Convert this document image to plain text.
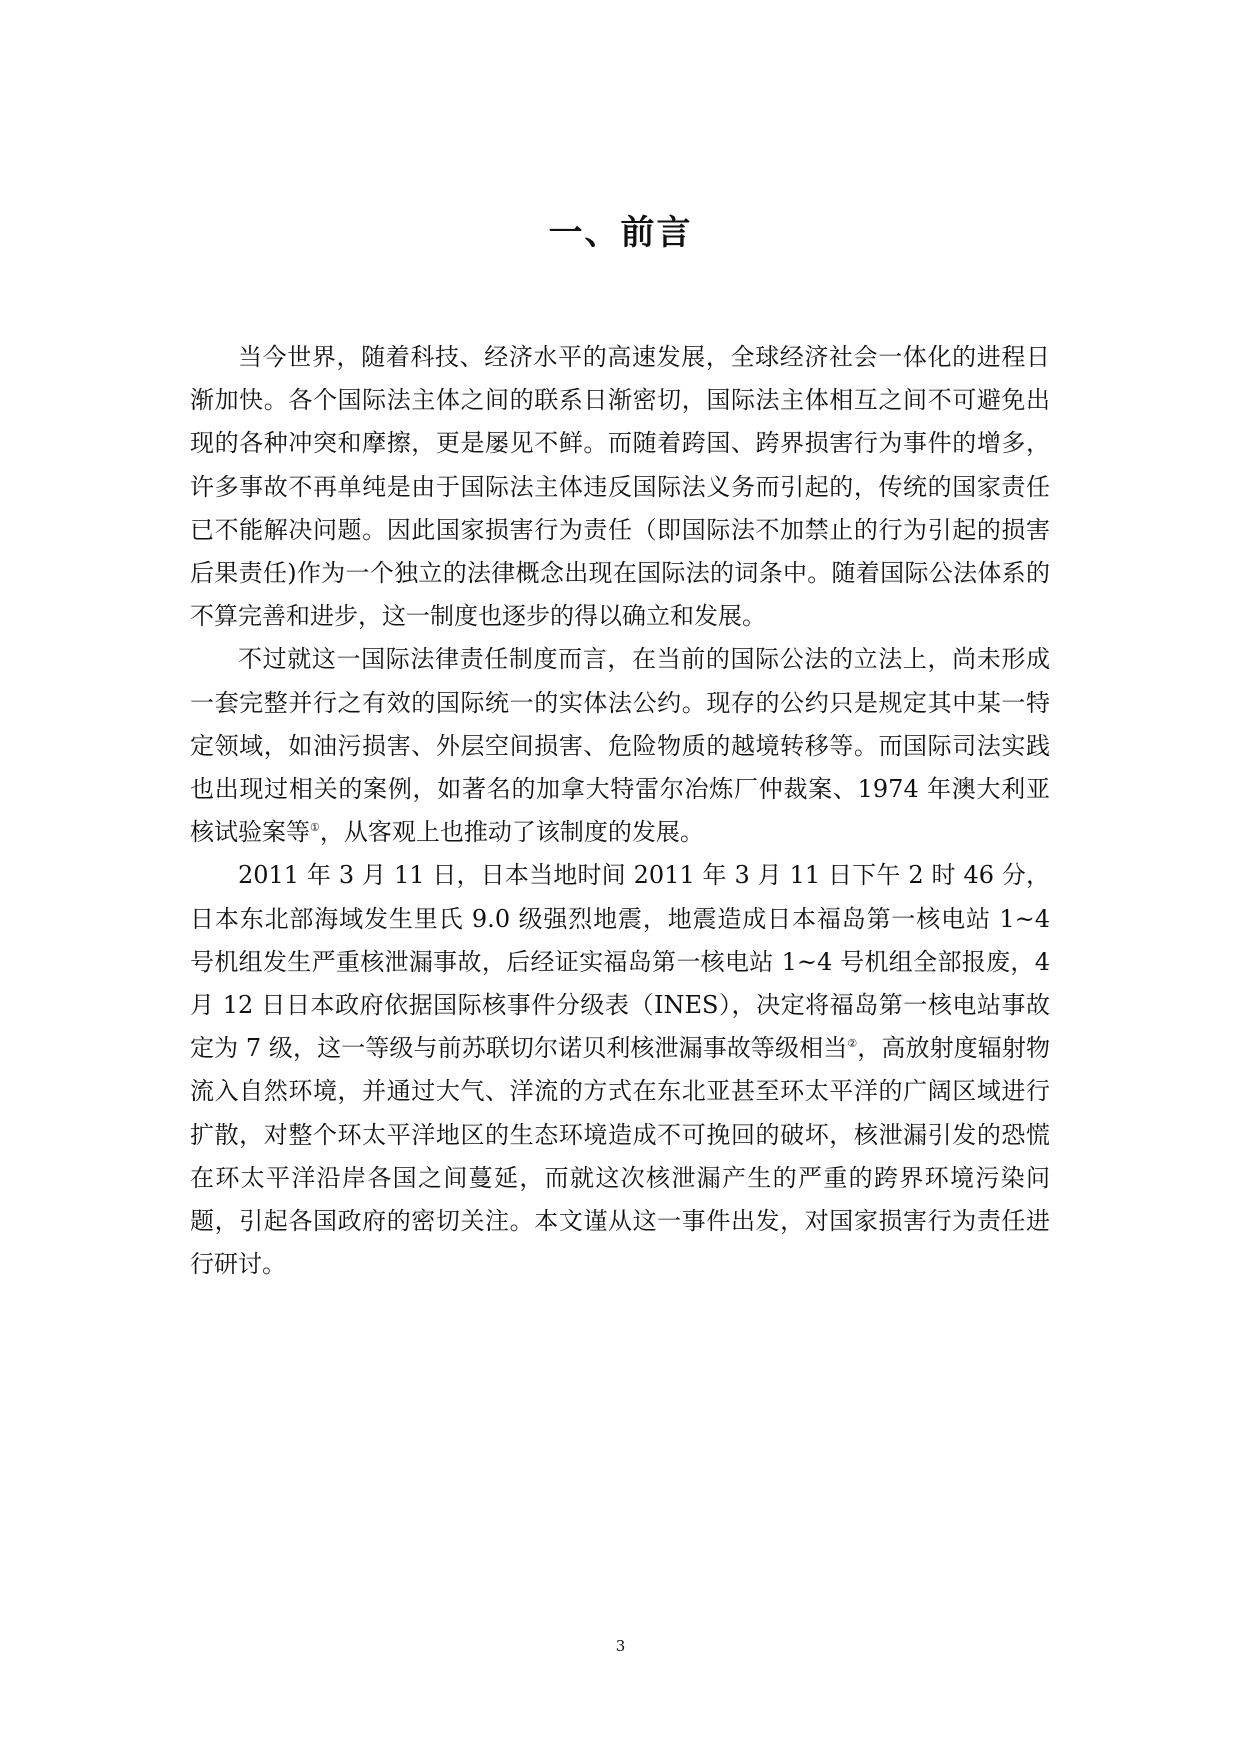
一、前言

当今世界，随着科技、经济水平的高速发展，全球经济社会一体化的进程日渐加快。各个国际法主体之间的联系日渐密切，国际法主体相互之间不可避免出现的各种冲突和摩擦，更是屡见不鲜。而随着跨国、跨界损害行为事件的增多，许多事故不再单纯是由于国际法主体违反国际法义务而引起的，传统的国家责任已不能解决问题。因此国家损害行为责任（即国际法不加禁止的行为引起的损害后果责任)作为一个独立的法律概念出现在国际法的词条中。随着国际公法体系的不算完善和进步，这一制度也逐步的得以确立和发展。

不过就这一国际法律责任制度而言，在当前的国际公法的立法上，尚未形成一套完整并行之有效的国际统一的实体法公约。现存的公约只是规定其中某一特定领域，如油污损害、外层空间损害、危险物质的越境转移等。而国际司法实践也出现过相关的案例，如著名的加拿大特雷尔冶炼厂仲裁案、1974 年澳大利亚核试验案等①，从客观上也推动了该制度的发展。

2011 年 3 月 11 日，日本当地时间 2011 年 3 月 11 日下午 2 时 46 分，日本东北部海域发生里氏 9.0 级强烈地震，地震造成日本福岛第一核电站 1~4 号机组发生严重核泄漏事故，后经证实福岛第一核电站 1~4 号机组全部报废，4 月 12 日日本政府依据国际核事件分级表（INES），决定将福岛第一核电站事故定为 7 级，这一等级与前苏联切尔诺贝利核泄漏事故等级相当②，高放射度辐射物流入自然环境，并通过大气、洋流的方式在东北亚甚至环太平洋的广阔区域进行扩散，对整个环太平洋地区的生态环境造成不可挽回的破坏，核泄漏引发的恐慌在环太平洋沿岸各国之间蔓延，而就这次核泄漏产生的严重的跨界环境污染问题，引起各国政府的密切关注。本文谨从这一事件出发，对国家损害行为责任进行研讨。

3
